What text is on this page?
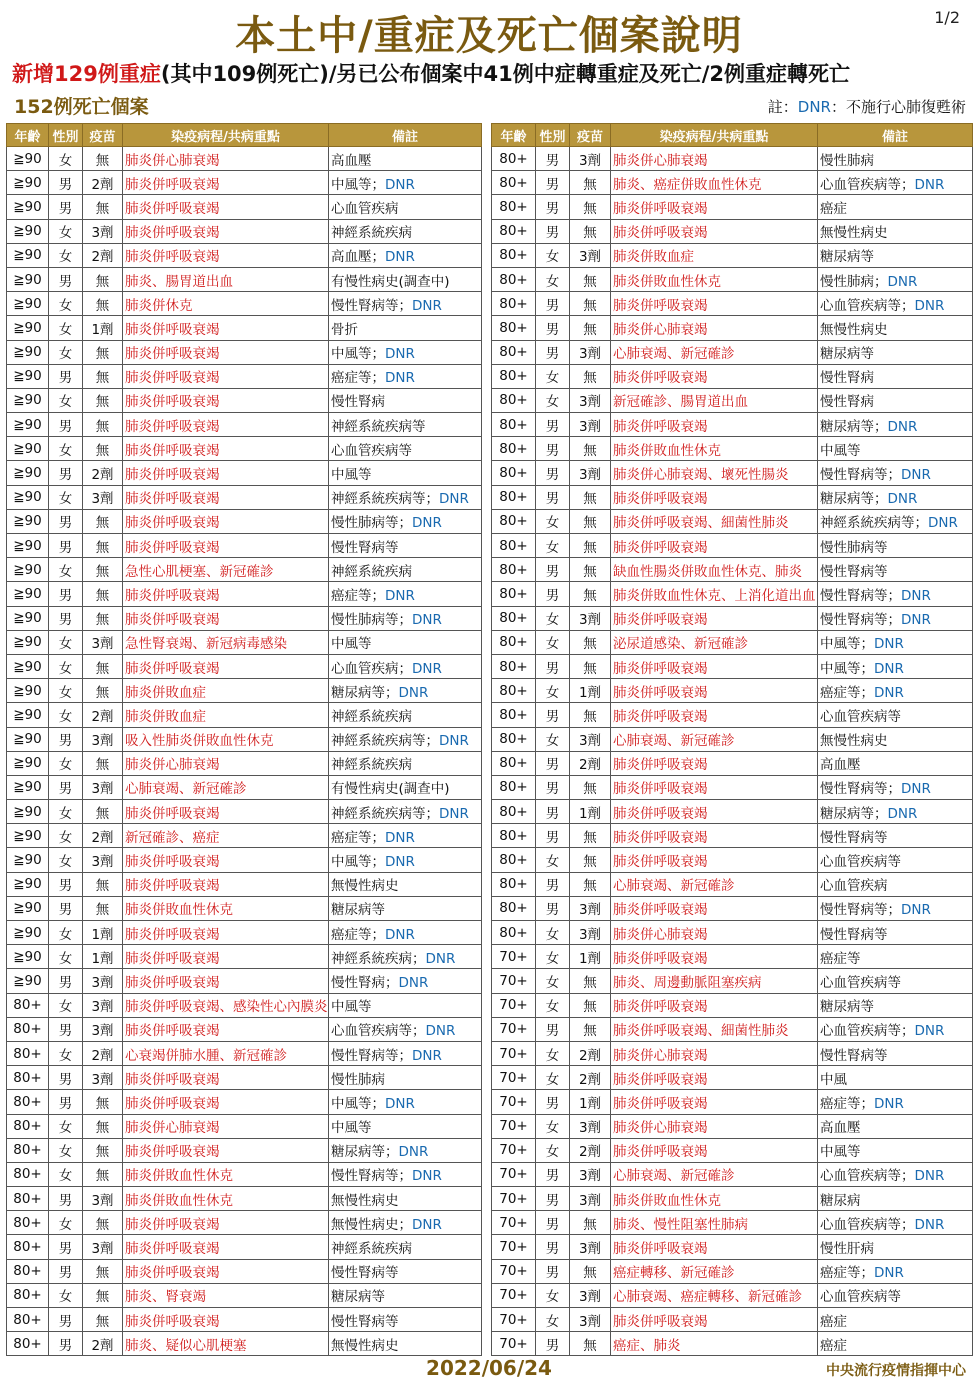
本土中/重症及死亡個案說明	1/2
新增129例重症(其中109例死亡)/另已公布個案中41例中症轉重症及死亡/2例重症轉死亡
152例死亡個案	註：DNR：不施行心肺復甦術
年齡	性別	疫苗	染疫病程/共病重點	備註
≧90	女	無	肺炎併心肺衰竭	高血壓
≧90	男	2劑	肺炎併呼吸衰竭	中風等；DNR
≧90	男	無	肺炎併呼吸衰竭	心血管疾病
≧90	女	3劑	肺炎併呼吸衰竭	神經系統疾病
≧90	女	2劑	肺炎併呼吸衰竭	高血壓；DNR
≧90	男	無	肺炎、腸胃道出血	有慢性病史(調查中)
≧90	女	無	肺炎併休克	慢性腎病等；DNR
≧90	女	1劑	肺炎併呼吸衰竭	骨折
≧90	女	無	肺炎併呼吸衰竭	中風等；DNR
≧90	男	無	肺炎併呼吸衰竭	癌症等；DNR
≧90	女	無	肺炎併呼吸衰竭	慢性腎病
≧90	男	無	肺炎併呼吸衰竭	神經系統疾病等
≧90	女	無	肺炎併呼吸衰竭	心血管疾病等
≧90	男	2劑	肺炎併呼吸衰竭	中風等
≧90	女	3劑	肺炎併呼吸衰竭	神經系統疾病等；DNR
≧90	男	無	肺炎併呼吸衰竭	慢性肺病等；DNR
≧90	男	無	肺炎併呼吸衰竭	慢性腎病等
≧90	女	無	急性心肌梗塞、新冠確診	神經系統疾病
≧90	男	無	肺炎併呼吸衰竭	癌症等；DNR
≧90	男	無	肺炎併呼吸衰竭	慢性肺病等；DNR
≧90	女	3劑	急性腎衰竭、新冠病毒感染	中風等
≧90	女	無	肺炎併呼吸衰竭	心血管疾病；DNR
≧90	女	無	肺炎併敗血症	糖尿病等；DNR
≧90	女	2劑	肺炎併敗血症	神經系統疾病
≧90	男	3劑	吸入性肺炎併敗血性休克	神經系統疾病等；DNR
≧90	女	無	肺炎併心肺衰竭	神經系統疾病
≧90	男	3劑	心肺衰竭、新冠確診	有慢性病史(調查中)
≧90	女	無	肺炎併呼吸衰竭	神經系統疾病等；DNR
≧90	女	2劑	新冠確診、癌症	癌症等；DNR
≧90	女	3劑	肺炎併呼吸衰竭	中風等；DNR
≧90	男	無	肺炎併呼吸衰竭	無慢性病史
≧90	男	無	肺炎併敗血性休克	糖尿病等
≧90	女	1劑	肺炎併呼吸衰竭	癌症等；DNR
≧90	女	1劑	肺炎併呼吸衰竭	神經系統疾病；DNR
≧90	男	3劑	肺炎併呼吸衰竭	慢性腎病；DNR
80+	女	3劑	肺炎併呼吸衰竭、感染性心內膜炎	中風等
80+	男	3劑	肺炎併呼吸衰竭	心血管疾病等；DNR
80+	女	2劑	心衰竭併肺水腫、新冠確診	慢性腎病等；DNR
80+	男	3劑	肺炎併呼吸衰竭	慢性肺病
80+	男	無	肺炎併呼吸衰竭	中風等；DNR
80+	女	無	肺炎併心肺衰竭	中風等
80+	女	無	肺炎併呼吸衰竭	糖尿病等；DNR
80+	女	無	肺炎併敗血性休克	慢性腎病等；DNR
80+	男	3劑	肺炎併敗血性休克	無慢性病史
80+	女	無	肺炎併呼吸衰竭	無慢性病史；DNR
80+	男	3劑	肺炎併呼吸衰竭	神經系統疾病
80+	男	無	肺炎併呼吸衰竭	慢性腎病等
80+	女	無	肺炎、腎衰竭	糖尿病等
80+	男	無	肺炎併呼吸衰竭	慢性腎病等
80+	男	2劑	肺炎、疑似心肌梗塞	無慢性病史
年齡	性別	疫苗	染疫病程/共病重點	備註
80+	男	3劑	肺炎併心肺衰竭	慢性肺病
80+	男	無	肺炎、癌症併敗血性休克	心血管疾病等；DNR
80+	男	無	肺炎併呼吸衰竭	癌症
80+	男	無	肺炎併呼吸衰竭	無慢性病史
80+	女	3劑	肺炎併敗血症	糖尿病等
80+	女	無	肺炎併敗血性休克	慢性肺病；DNR
80+	男	無	肺炎併呼吸衰竭	心血管疾病等；DNR
80+	男	無	肺炎併心肺衰竭	無慢性病史
80+	男	3劑	心肺衰竭、新冠確診	糖尿病等
80+	女	無	肺炎併呼吸衰竭	慢性腎病
80+	女	3劑	新冠確診、腸胃道出血	慢性腎病
80+	男	3劑	肺炎併呼吸衰竭	糖尿病等；DNR
80+	男	無	肺炎併敗血性休克	中風等
80+	男	3劑	肺炎併心肺衰竭、壞死性腸炎	慢性腎病等；DNR
80+	男	無	肺炎併呼吸衰竭	糖尿病等；DNR
80+	女	無	肺炎併呼吸衰竭、細菌性肺炎	神經系統疾病等；DNR
80+	女	無	肺炎併呼吸衰竭	慢性肺病等
80+	男	無	缺血性腸炎併敗血性休克、肺炎	慢性腎病等
80+	男	無	肺炎併敗血性休克、上消化道出血	慢性腎病等；DNR
80+	女	3劑	肺炎併呼吸衰竭	慢性腎病等；DNR
80+	女	無	泌尿道感染、新冠確診	中風等；DNR
80+	男	無	肺炎併呼吸衰竭	中風等；DNR
80+	女	1劑	肺炎併呼吸衰竭	癌症等；DNR
80+	男	無	肺炎併呼吸衰竭	心血管疾病等
80+	女	3劑	心肺衰竭、新冠確診	無慢性病史
80+	男	2劑	肺炎併呼吸衰竭	高血壓
80+	男	無	肺炎併呼吸衰竭	慢性腎病等；DNR
80+	男	1劑	肺炎併呼吸衰竭	糖尿病等；DNR
80+	男	無	肺炎併呼吸衰竭	慢性腎病等
80+	女	無	肺炎併呼吸衰竭	心血管疾病等
80+	男	無	心肺衰竭、新冠確診	心血管疾病
80+	男	3劑	肺炎併呼吸衰竭	慢性腎病等；DNR
80+	女	3劑	肺炎併心肺衰竭	慢性腎病等
70+	女	1劑	肺炎併呼吸衰竭	癌症等
70+	女	無	肺炎、周邊動脈阻塞疾病	心血管疾病等
70+	女	無	肺炎併呼吸衰竭	糖尿病等
70+	男	無	肺炎併呼吸衰竭、細菌性肺炎	心血管疾病等；DNR
70+	女	2劑	肺炎併心肺衰竭	慢性腎病等
70+	女	2劑	肺炎併呼吸衰竭	中風
70+	男	1劑	肺炎併呼吸衰竭	癌症等；DNR
70+	女	3劑	肺炎併心肺衰竭	高血壓
70+	女	2劑	肺炎併呼吸衰竭	中風等
70+	男	3劑	心肺衰竭、新冠確診	心血管疾病等；DNR
70+	男	3劑	肺炎併敗血性休克	糖尿病
70+	男	無	肺炎、慢性阻塞性肺病	心血管疾病等；DNR
70+	男	3劑	肺炎併呼吸衰竭	慢性肝病
70+	男	無	癌症轉移、新冠確診	癌症等；DNR
70+	女	3劑	心肺衰竭、癌症轉移、新冠確診	心血管疾病等
70+	女	3劑	肺炎併呼吸衰竭	癌症
70+	男	無	癌症、肺炎	癌症
2022/06/24	中央流行疫情指揮中心
